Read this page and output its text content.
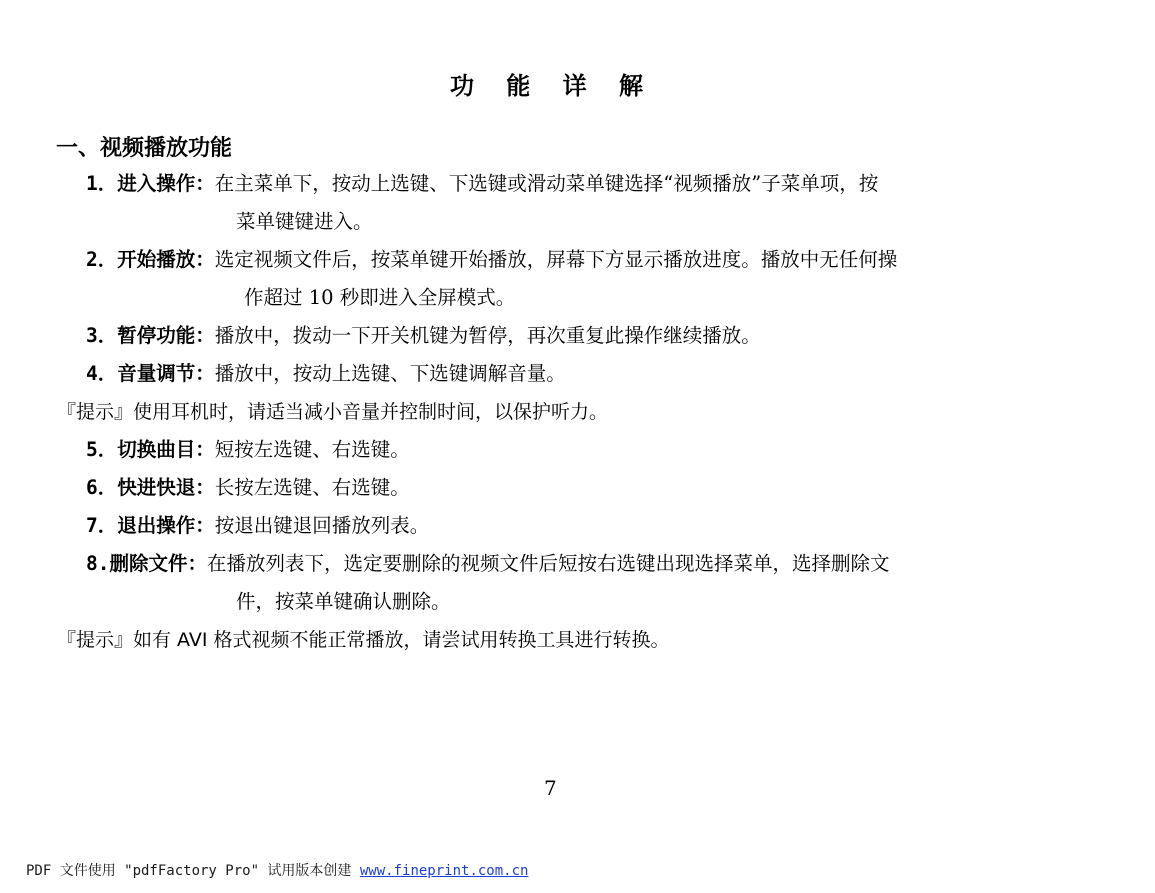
功 能 详 解
一、视频播放功能
1．进入操作：在主菜单下，按动上选键、下选键或滑动菜单键选择“视频播放”子菜单项，按
菜单键键进入。
2．开始播放：选定视频文件后，按菜单键开始播放，屏幕下方显示播放进度。播放中无任何操
作超过 10 秒即进入全屏模式。
3．暂停功能：播放中，拨动一下开关机键为暂停，再次重复此操作继续播放。
4．音量调节：播放中，按动上选键、下选键调解音量。
『提示』使用耳机时，请适当减小音量并控制时间，以保护听力。
5．切换曲目：短按左选键、右选键。
6．快进快退：长按左选键、右选键。
7．退出操作：按退出键退回播放列表。
8.删除文件：在播放列表下，选定要删除的视频文件后短按右选键出现选择菜单，选择删除文
件，按菜单键确认删除。
『提示』如有 AVI 格式视频不能正常播放，请尝试用转换工具进行转换。
7
PDF 文件使用 "pdfFactory Pro" 试用版本创建 www.fineprint.com.cn
